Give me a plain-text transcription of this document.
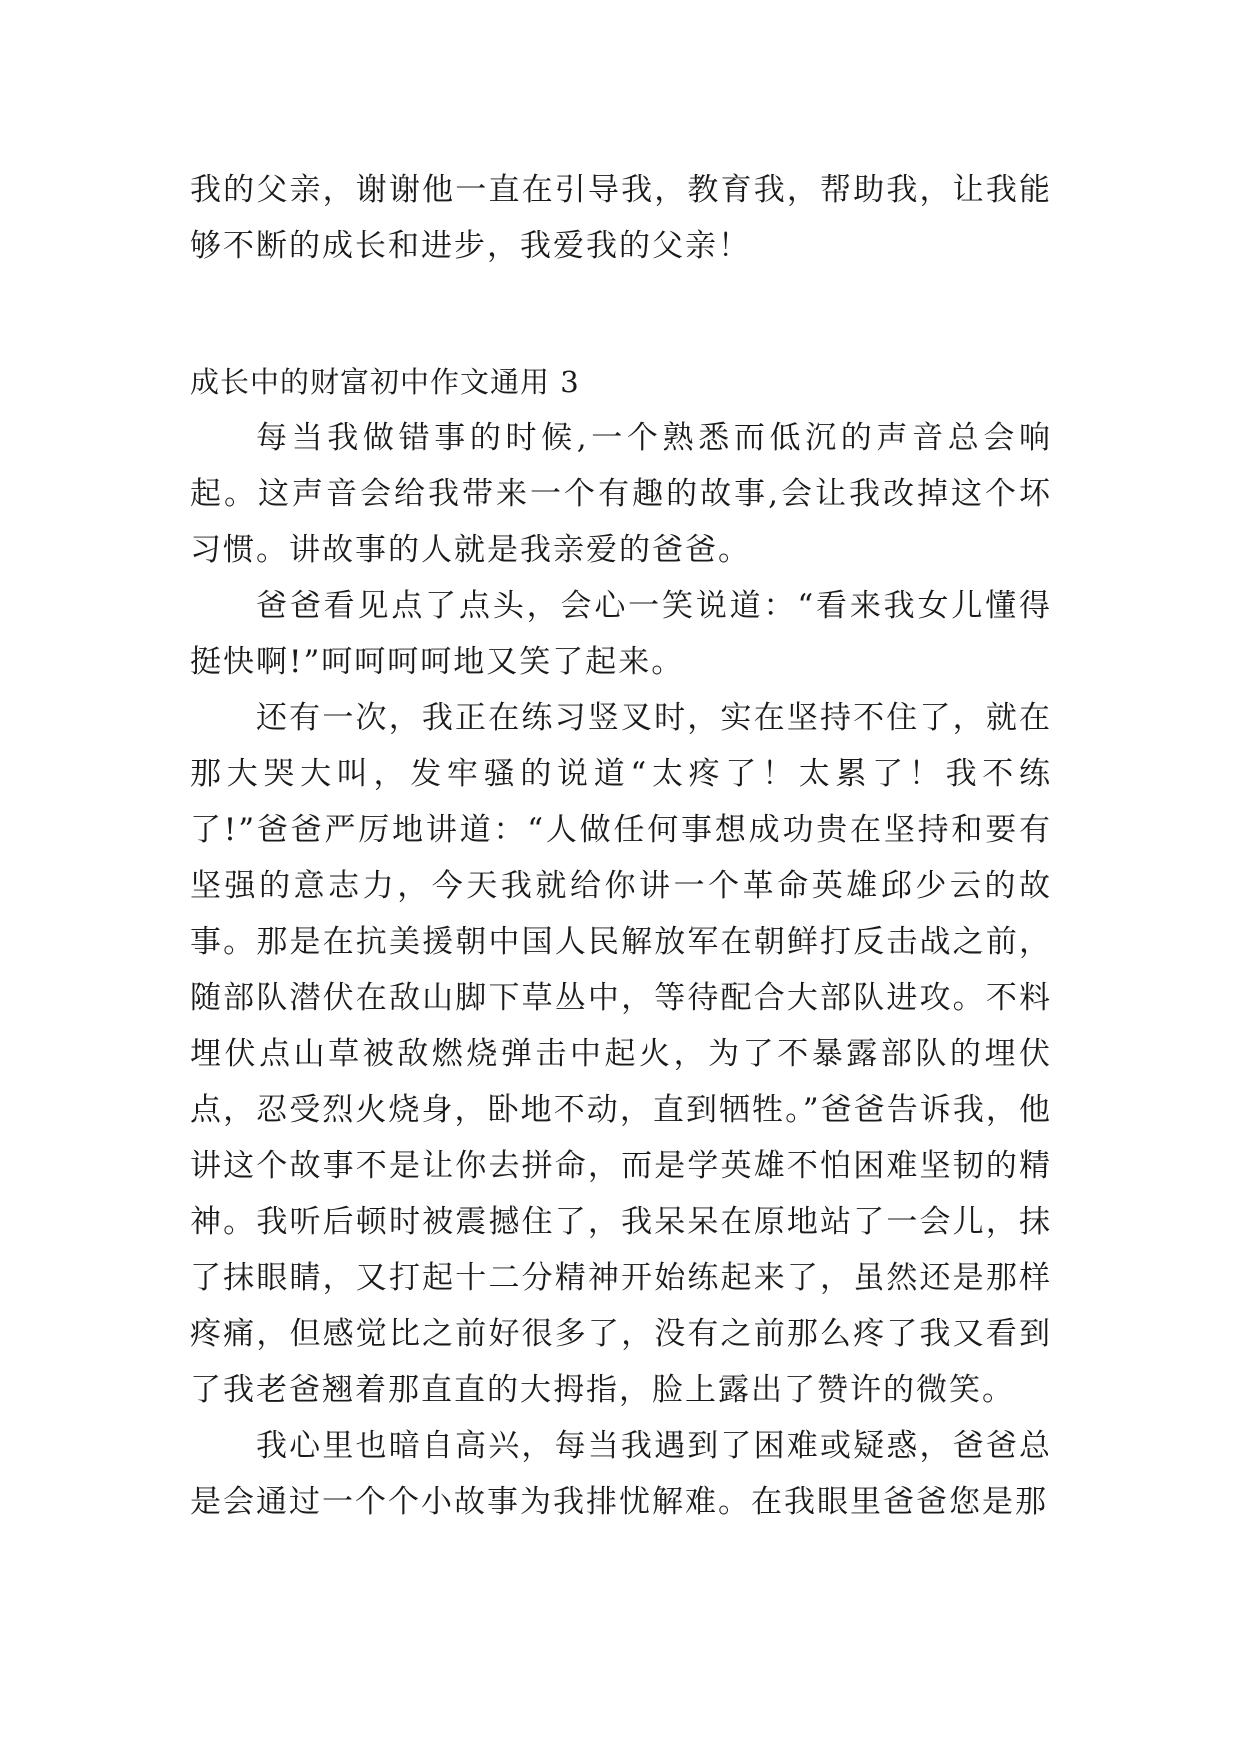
我的父亲，谢谢他一直在引导我，教育我，帮助我，让我能够不断的成长和进步，我爱我的父亲！

成长中的财富初中作文通用 3

每当我做错事的时候,一个熟悉而低沉的声音总会响起。这声音会给我带来一个有趣的故事,会让我改掉这个坏习惯。讲故事的人就是我亲爱的爸爸。

爸爸看见点了点头，会心一笑说道：“看来我女儿懂得挺快啊!”呵呵呵呵地又笑了起来。

还有一次，我正在练习竖叉时，实在坚持不住了，就在那大哭大叫，发牢骚的说道“太疼了！太累了！我不练了!”爸爸严厉地讲道：“人做任何事想成功贵在坚持和要有坚强的意志力，今天我就给你讲一个革命英雄邱少云的故事。那是在抗美援朝中国人民解放军在朝鲜打反击战之前，随部队潜伏在敌山脚下草丛中，等待配合大部队进攻。不料埋伏点山草被敌燃烧弹击中起火，为了不暴露部队的埋伏点，忍受烈火烧身，卧地不动，直到牺牲。”爸爸告诉我，他讲这个故事不是让你去拼命，而是学英雄不怕困难坚韧的精神。我听后顿时被震撼住了，我呆呆在原地站了一会儿，抹了抹眼睛，又打起十二分精神开始练起来了，虽然还是那样疼痛，但感觉比之前好很多了，没有之前那么疼了我又看到了我老爸翘着那直直的大拇指，脸上露出了赞许的微笑。

我心里也暗自高兴，每当我遇到了困难或疑惑，爸爸总是会通过一个个小故事为我排忧解难。在我眼里爸爸您是那
